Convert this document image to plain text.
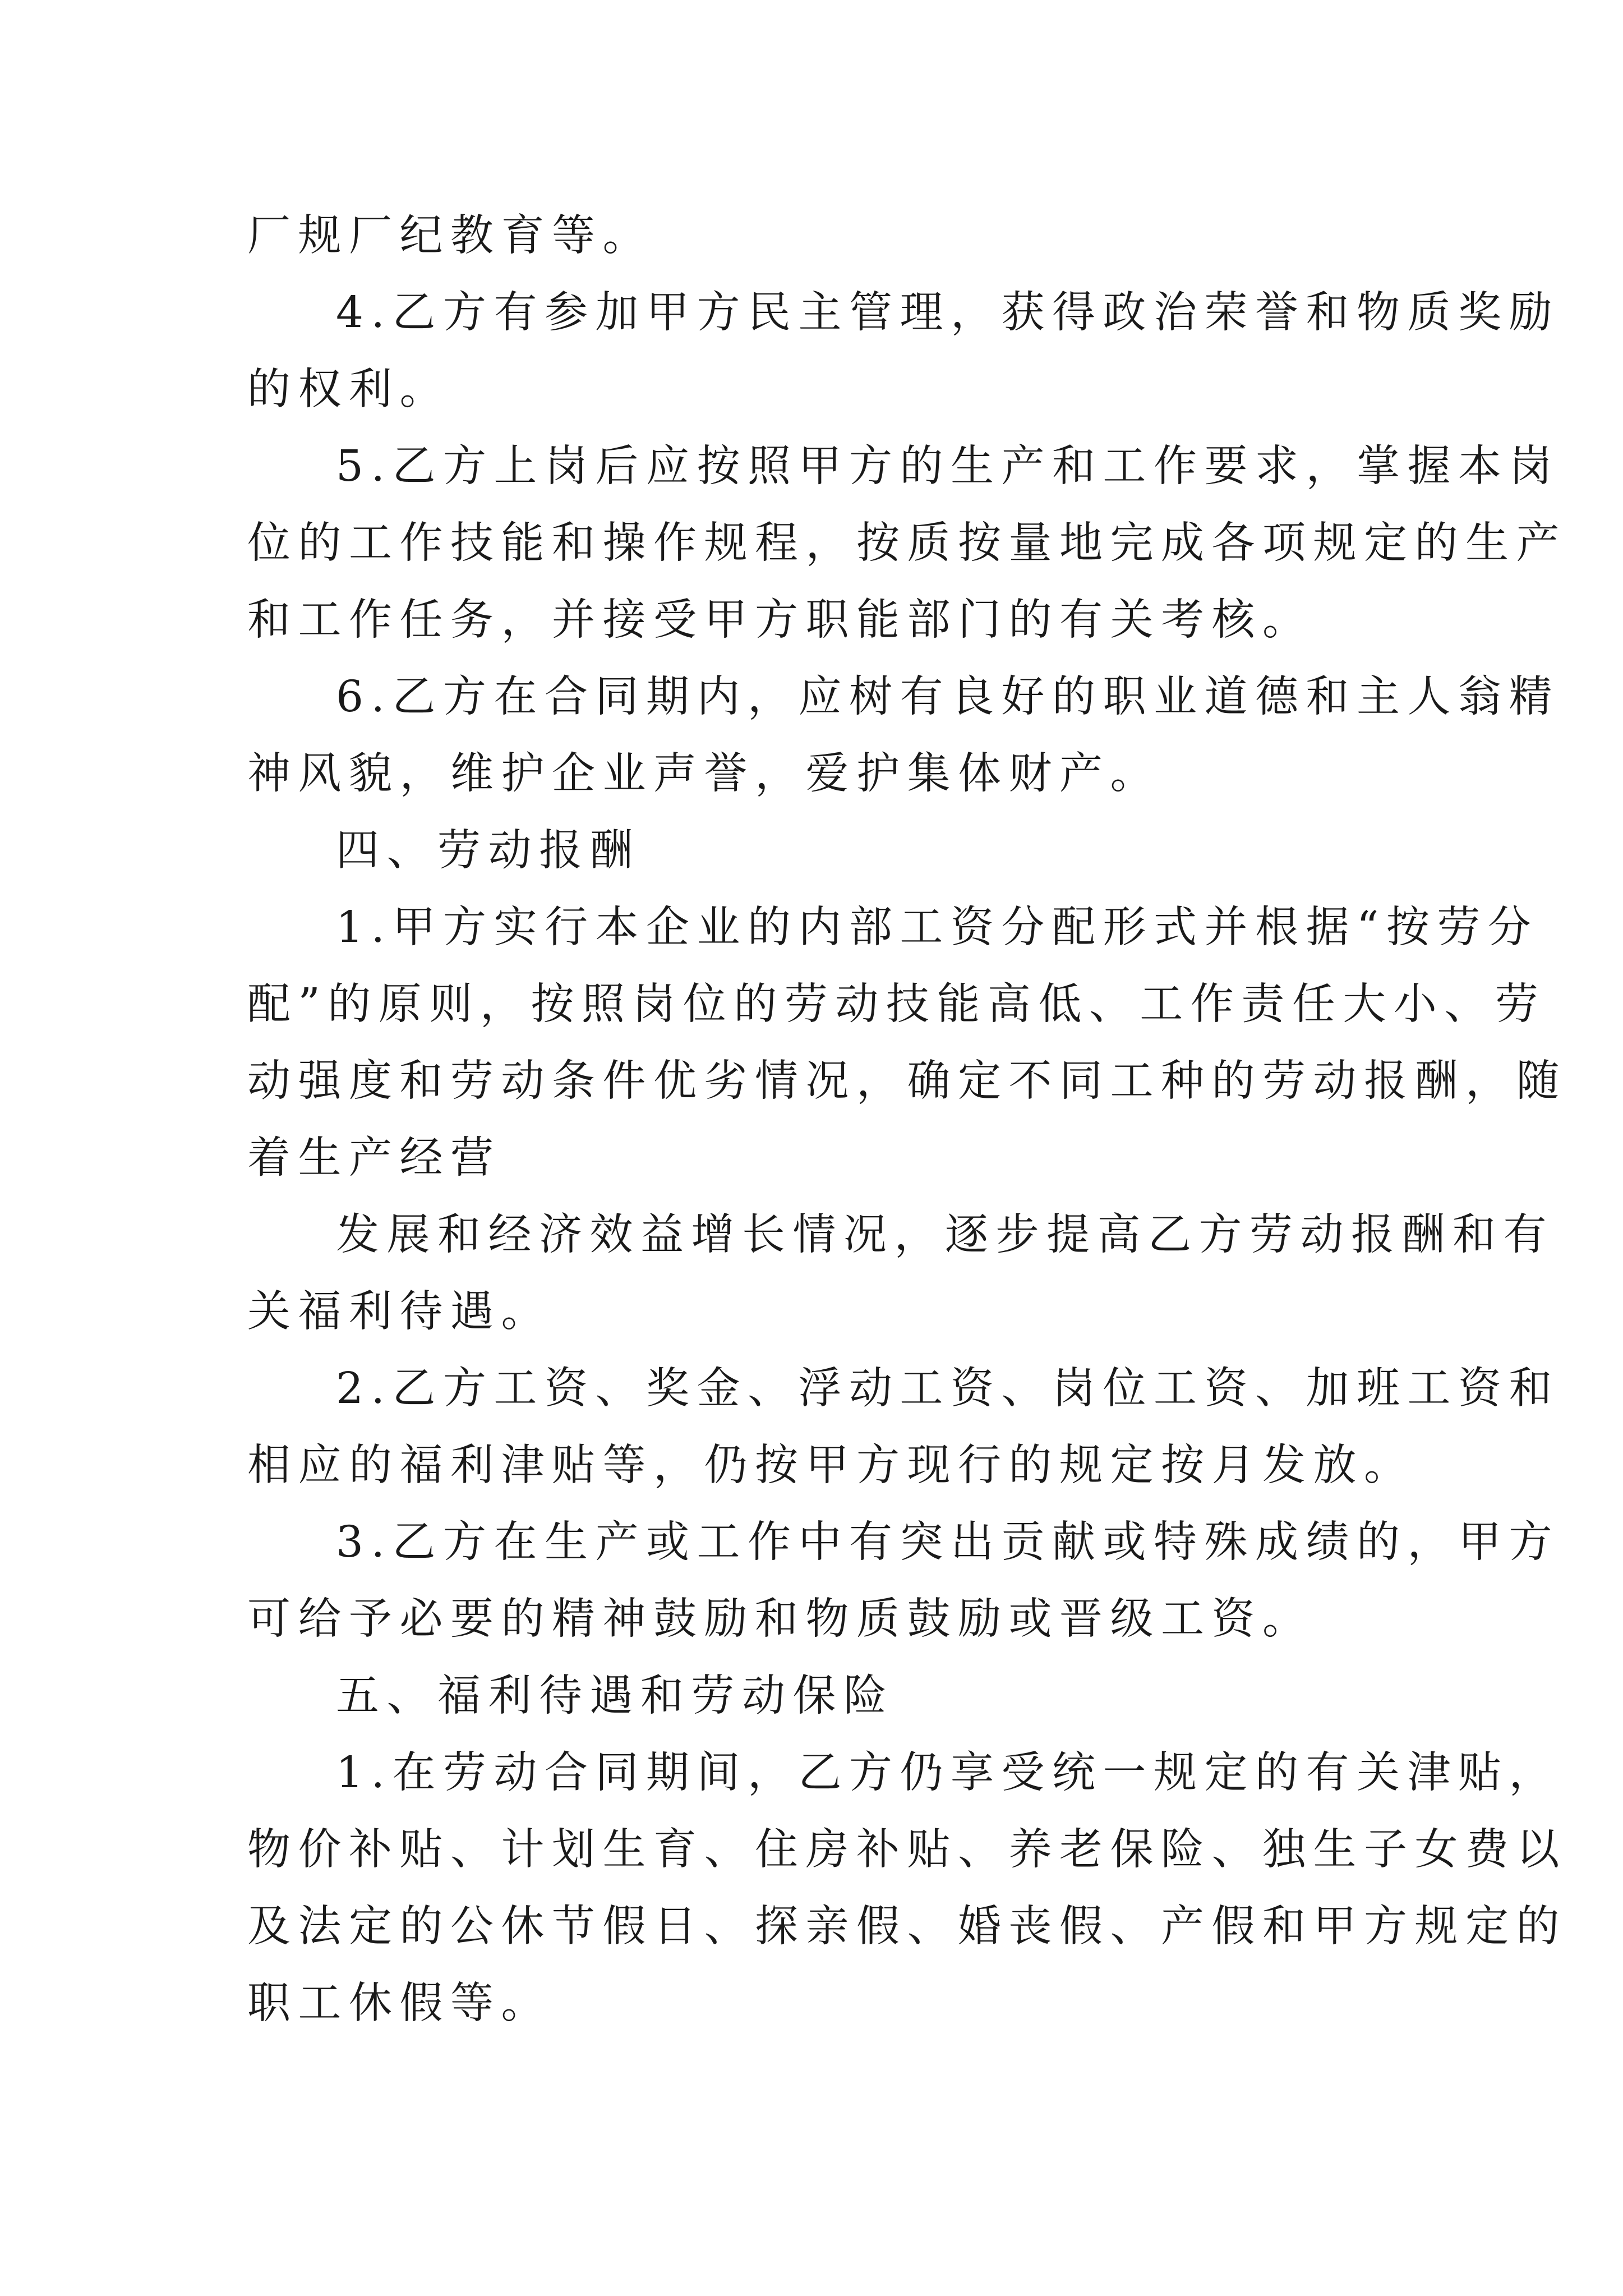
厂规厂纪教育等。
4.乙方有参加甲方民主管理，获得政治荣誉和物质奖励
的权利。
5.乙方上岗后应按照甲方的生产和工作要求，掌握本岗
位的工作技能和操作规程，按质按量地完成各项规定的生产
和工作任务，并接受甲方职能部门的有关考核。
6.乙方在合同期内，应树有良好的职业道德和主人翁精
神风貌，维护企业声誉，爱护集体财产。
四、劳动报酬
1.甲方实行本企业的内部工资分配形式并根据“按劳分
配”的原则，按照岗位的劳动技能高低、工作责任大小、劳
动强度和劳动条件优劣情况，确定不同工种的劳动报酬，随
着生产经营
发展和经济效益增长情况，逐步提高乙方劳动报酬和有
关福利待遇。
2.乙方工资、奖金、浮动工资、岗位工资、加班工资和
相应的福利津贴等，仍按甲方现行的规定按月发放。
3.乙方在生产或工作中有突出贡献或特殊成绩的，甲方
可给予必要的精神鼓励和物质鼓励或晋级工资。
五、福利待遇和劳动保险
1.在劳动合同期间，乙方仍享受统一规定的有关津贴，
物价补贴、计划生育、住房补贴、养老保险、独生子女费以
及法定的公休节假日、探亲假、婚丧假、产假和甲方规定的
职工休假等。
